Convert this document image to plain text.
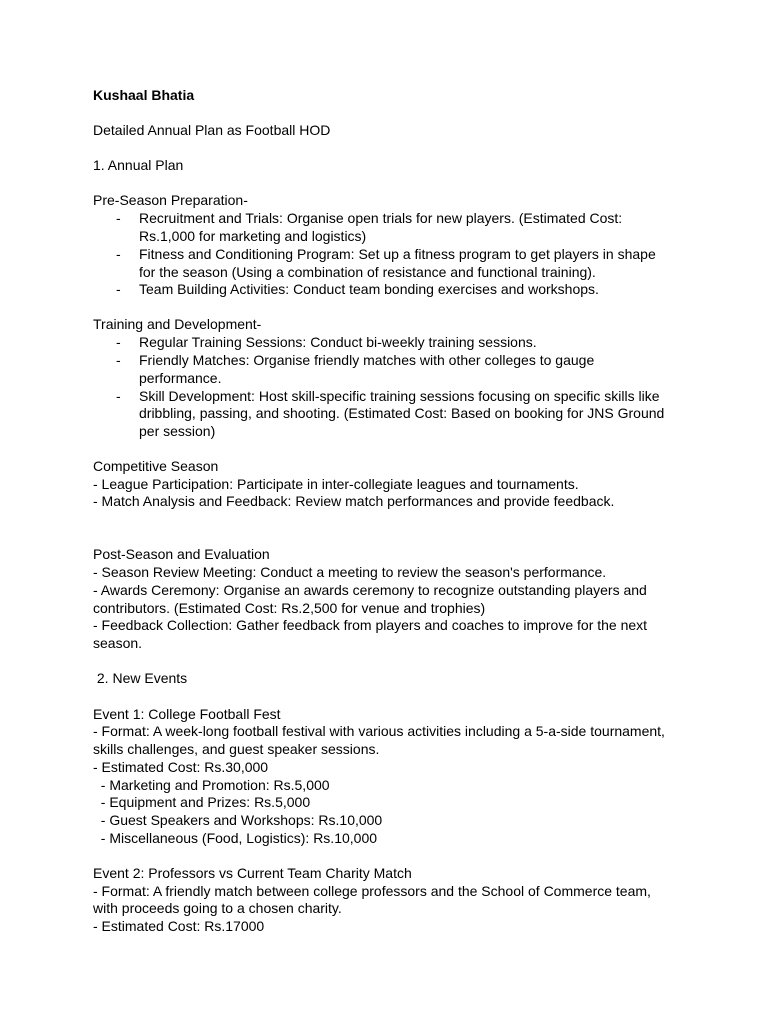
Kushaal Bhatia
Detailed Annual Plan as Football HOD
1. Annual Plan
Pre-Season Preparation-
- Recruitment and Trials: Organise open trials for new players. (Estimated Cost:
Rs.1,000 for marketing and logistics)
- Fitness and Conditioning Program: Set up a fitness program to get players in shape
for the season (Using a combination of resistance and functional training).
- Team Building Activities: Conduct team bonding exercises and workshops.
Training and Development-
- Regular Training Sessions: Conduct bi-weekly training sessions.
- Friendly Matches: Organise friendly matches with other colleges to gauge
performance.
- Skill Development: Host skill-specific training sessions focusing on specific skills like
dribbling, passing, and shooting. (Estimated Cost: Based on booking for JNS Ground
per session)
Competitive Season
- League Participation: Participate in inter-collegiate leagues and tournaments.
- Match Analysis and Feedback: Review match performances and provide feedback.
Post-Season and Evaluation
- Season Review Meeting: Conduct a meeting to review the season's performance.
- Awards Ceremony: Organise an awards ceremony to recognize outstanding players and
contributors. (Estimated Cost: Rs.2,500 for venue and trophies)
- Feedback Collection: Gather feedback from players and coaches to improve for the next
season.
2. New Events
Event 1: College Football Fest
- Format: A week-long football festival with various activities including a 5-a-side tournament,
skills challenges, and guest speaker sessions.
- Estimated Cost: Rs.30,000
- Marketing and Promotion: Rs.5,000
- Equipment and Prizes: Rs.5,000
- Guest Speakers and Workshops: Rs.10,000
- Miscellaneous (Food, Logistics): Rs.10,000
Event 2: Professors vs Current Team Charity Match
- Format: A friendly match between college professors and the School of Commerce team,
with proceeds going to a chosen charity.
- Estimated Cost: Rs.17000
